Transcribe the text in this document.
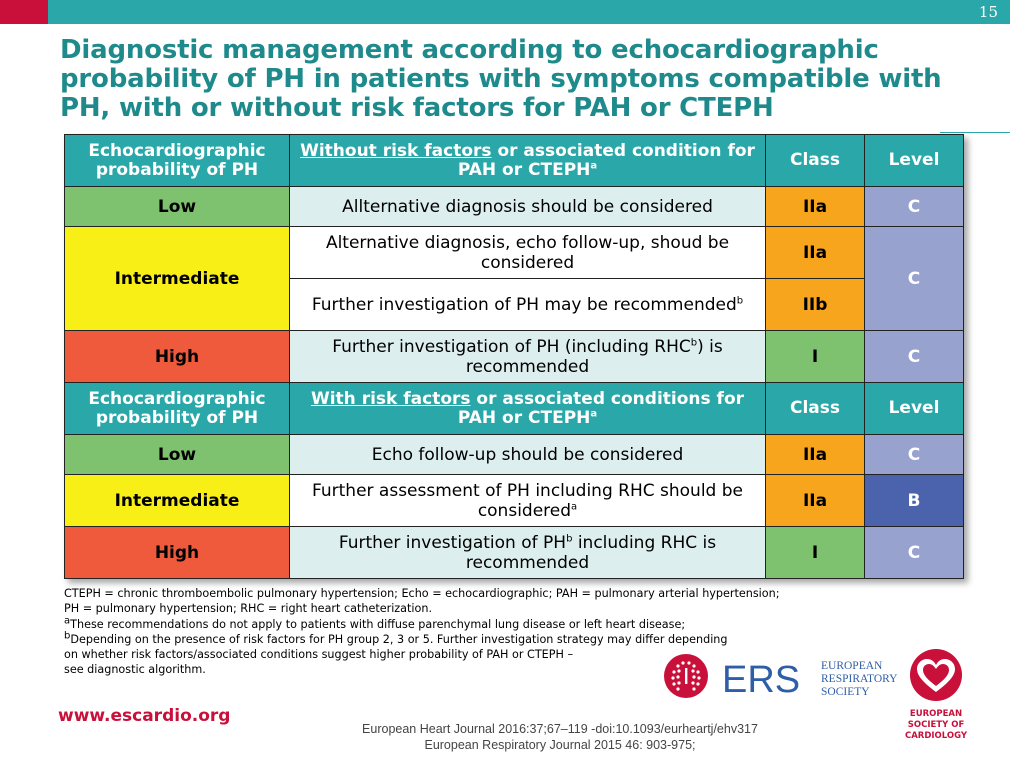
15
Diagnostic management according to echocardiographic probability of PH in patients with symptoms compatible with PH, with or without risk factors for PAH or CTEPH
Echocardiographic probability of PH	Without risk factors or associated condition for PAH or CTEPH$^a$	Class	Level
Low	Allternative diagnosis should be considered	IIa	C
Intermediate	Alternative diagnosis, echo follow-up, shoud be considered	IIa	C
	Further investigation of PH may be recommended$^b$	IIb	
High	Further investigation of PH (including RHC$^b$) is recommended	I	C
Echocardiographic probability of PH	With risk factors or associated conditions for PAH or CTEPH$^a$	Class	Level
Low	Echo follow-up should be considered	IIa	C
Intermediate	Further assessment of PH including RHC should be considered$^a$	IIa	B
High	Further investigation of $PH^b$ including RHC is recommended	I	C
CTEPH = chronic thromboembolic pulmonary hypertension; Echo = echocardiographic; PAH = pulmonary arterial hypertension;
PH = pulmonary hypertension; RHC = right heart catheterization.
$^a$These recommendations do not apply to patients with diffuse parenchymal lung disease or left heart disease;
$^b$Depending on the presence of risk factors for PH group 2, 3 or 5. Further investigation strategy may differ depending
on whether risk factors/associated conditions suggest higher probability of PAH or CTEPH –
see diagnostic algorithm.	ERS EUROPEAN
RESPIRATORY
SOCIETY
EUROPEAN
SOCIETY OF
CARDIOLOGY
www.escardio.org
European Heart Journal 2016:37;67–119 -doi:10.1093/eurheartj/ehv317
European Respiratory Journal 2015 46: 903-975;
